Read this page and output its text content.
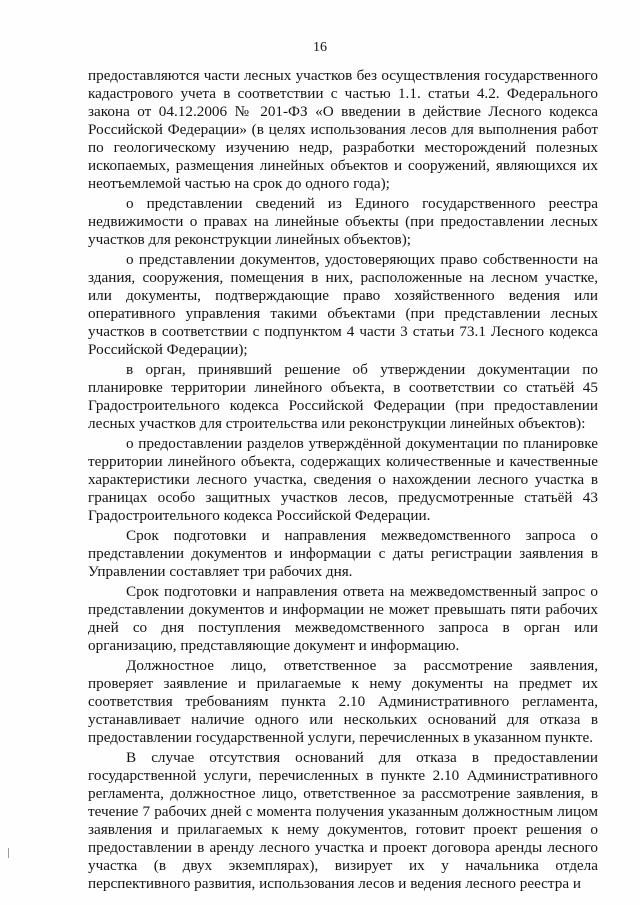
16

предоставляются части лесных участков без осуществления государственного кадастрового учета в соответствии с частью 1.1. статьи 4.2. Федерального закона от 04.12.2006 № 201-ФЗ «О введении в действие Лесного кодекса Российской Федерации» (в целях использования лесов для выполнения работ по геологическому изучению недр, разработки месторождений полезных ископаемых, размещения линейных объектов и сооружений, являющихся их неотъемлемой частью на срок до одного года);

о представлении сведений из Единого государственного реестра недвижимости о правах на линейные объекты (при предоставлении лесных участков для реконструкции линейных объектов);

о представлении документов, удостоверяющих право собственности на здания, сооружения, помещения в них, расположенные на лесном участке, или документы, подтверждающие право хозяйственного ведения или оперативного управления такими объектами (при представлении лесных участков в соответствии с подпунктом 4 части 3 статьи 73.1 Лесного кодекса Российской Федерации);

в орган, принявший решение об утверждении документации по планировке территории линейного объекта, в соответствии со статьёй 45 Градостроительного кодекса Российской Федерации (при предоставлении лесных участков для строительства или реконструкции линейных объектов):

о предоставлении разделов утверждённой документации по планировке территории линейного объекта, содержащих количественные и качественные характеристики лесного участка, сведения о нахождении лесного участка в границах особо защитных участков лесов, предусмотренные статьёй 43 Градостроительного кодекса Российской Федерации.

Срок подготовки и направления межведомственного запроса о представлении документов и информации с даты регистрации заявления в Управлении составляет три рабочих дня.

Срок подготовки и направления ответа на межведомственный запрос о представлении документов и информации не может превышать пяти рабочих дней со дня поступления межведомственного запроса в орган или организацию, представляющие документ и информацию.

Должностное лицо, ответственное за рассмотрение заявления, проверяет заявление и прилагаемые к нему документы на предмет их соответствия требованиям пункта 2.10 Административного регламента, устанавливает наличие одного или нескольких оснований для отказа в предоставлении государственной услуги, перечисленных в указанном пункте.

В случае отсутствия оснований для отказа в предоставлении государственной услуги, перечисленных в пункте 2.10 Административного регламента, должностное лицо, ответственное за рассмотрение заявления, в течение 7 рабочих дней с момента получения указанным должностным лицом заявления и прилагаемых к нему документов, готовит проект решения о предоставлении в аренду лесного участка и проект договора аренды лесного участка (в двух экземплярах), визирует их у начальника отдела перспективного развития, использования лесов и ведения лесного реестра и
